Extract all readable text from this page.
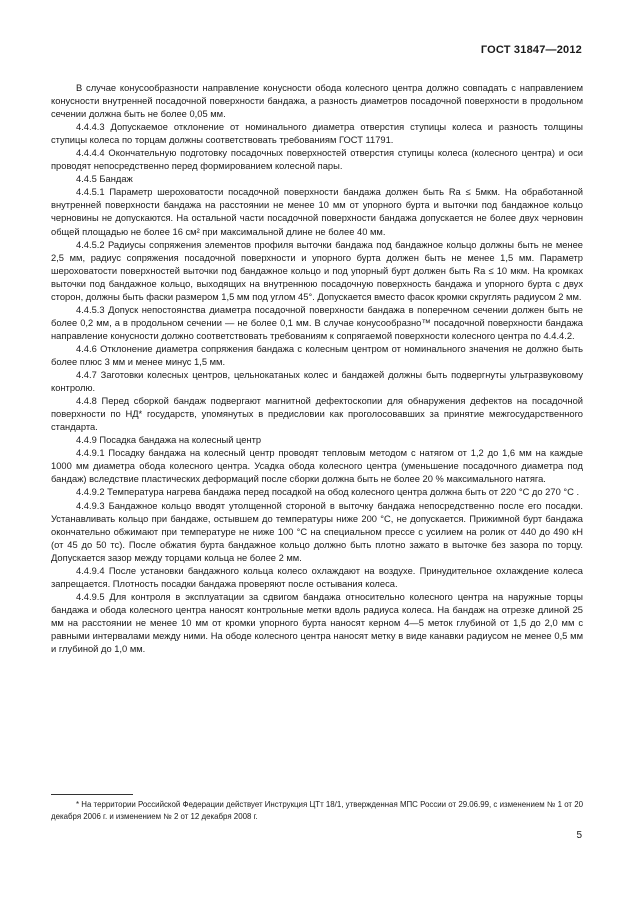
ГОСТ 31847—2012

В случае конусообразности направление конусности обода колесного центра должно совпадать с направлением конусности внутренней посадочной поверхности бандажа, а разность диаметров посадочной поверхности в продольном сечении должна быть не более 0,05 мм.

4.4.4.3 Допускаемое отклонение от номинального диаметра отверстия ступицы колеса и разность толщины ступицы колеса по торцам должны соответствовать требованиям ГОСТ 11791.

4.4.4.4 Окончательную подготовку посадочных поверхностей отверстия ступицы колеса (колесного центра) и оси проводят непосредственно перед формированием колесной пары.

4.4.5 Бандаж

4.4.5.1 Параметр шероховатости посадочной поверхности бандажа должен быть Ra ≤ 5мкм. На обработанной внутренней поверхности бандажа на расстоянии не менее 10 мм от упорного бурта и выточки под бандажное кольцо черновины не допускаются. На остальной части посадочной поверхности бандажа допускается не более двух черновин общей площадью не более 16 см² при максимальной длине не более 40 мм.

4.4.5.2 Радиусы сопряжения элементов профиля выточки бандажа под бандажное кольцо должны быть не менее 2,5 мм, радиус сопряжения посадочной поверхности и упорного бурта должен быть не менее 1,5 мм. Параметр шероховатости поверхностей выточки под бандажное кольцо и под упорный бурт должен быть Ra ≤ 10 мкм. На кромках выточки под бандажное кольцо, выходящих на внутреннюю посадочную поверхность бандажа и упорного бурта с двух сторон, должны быть фаски размером 1,5 мм под углом 45°. Допускается вместо фасок кромки скруглять радиусом 2 мм.

4.4.5.3 Допуск непостоянства диаметра посадочной поверхности бандажа в поперечном сечении должен быть не более 0,2 мм, а в продольном сечении — не более 0,1 мм. В случае конусообразно™ посадочной поверхности бандажа направление конусности должно соответствовать требованиям к сопрягаемой поверхности колесного центра по 4.4.4.2.

4.4.6 Отклонение диаметра сопряжения бандажа с колесным центром от номинального значения не должно быть более плюс 3 мм и менее минус 1,5 мм.

4.4.7 Заготовки колесных центров, цельнокатаных колес и бандажей должны быть подвергнуты ультразвуковому контролю.

4.4.8 Перед сборкой бандаж подвергают магнитной дефектоскопии для обнаружения дефектов на посадочной поверхности по НД* государств, упомянутых в предисловии как проголосовавших за принятие межгосударственного стандарта.

4.4.9 Посадка бандажа на колесный центр

4.4.9.1 Посадку бандажа на колесный центр проводят тепловым методом с натягом от 1,2 до 1,6 мм на каждые 1000 мм диаметра обода колесного центра. Усадка обода колесного центра (уменьшение посадочного диаметра под бандаж) вследствие пластических деформаций после сборки должна быть не более 20 % максимального натяга.

4.4.9.2 Температура нагрева бандажа перед посадкой на обод колесного центра должна быть от 220 °С до 270 °С .

4.4.9.3 Бандажное кольцо вводят утолщенной стороной в выточку бандажа непосредственно после его посадки. Устанавливать кольцо при бандаже, остывшем до температуры ниже 200 °С, не допускается. Прижимной бурт бандажа окончательно обжимают при температуре не ниже 100 °С на специальном прессе с усилием на ролик от 440 до 490 кН (от 45 до 50 тс). После обжатия бурта бандажное кольцо должно быть плотно зажато в выточке без зазора по торцу. Допускается зазор между торцами кольца не более 2 мм.

4.4.9.4 После установки бандажного кольца колесо охлаждают на воздухе. Принудительное охлаждение колеса запрещается. Плотность посадки бандажа проверяют после остывания колеса.

4.4.9.5 Для контроля в эксплуатации за сдвигом бандажа относительно колесного центра на наружные торцы бандажа и обода колесного центра наносят контрольные метки вдоль радиуса колеса. На бандаж на отрезке длиной 25 мм на расстоянии не менее 10 мм от кромки упорного бурта наносят керном 4—5 меток глубиной от 1,5 до 2,0 мм с равными интервалами между ними. На ободе колесного центра наносят метку в виде канавки радиусом не менее 0,5 мм и глубиной до 1,0 мм.

* На территории Российской Федерации действует Инструкция ЦТт 18/1, утвержденная МПС России от 29.06.99, с изменением № 1 от 20 декабря 2006 г. и изменением № 2 от 12 декабря 2008 г.
5
